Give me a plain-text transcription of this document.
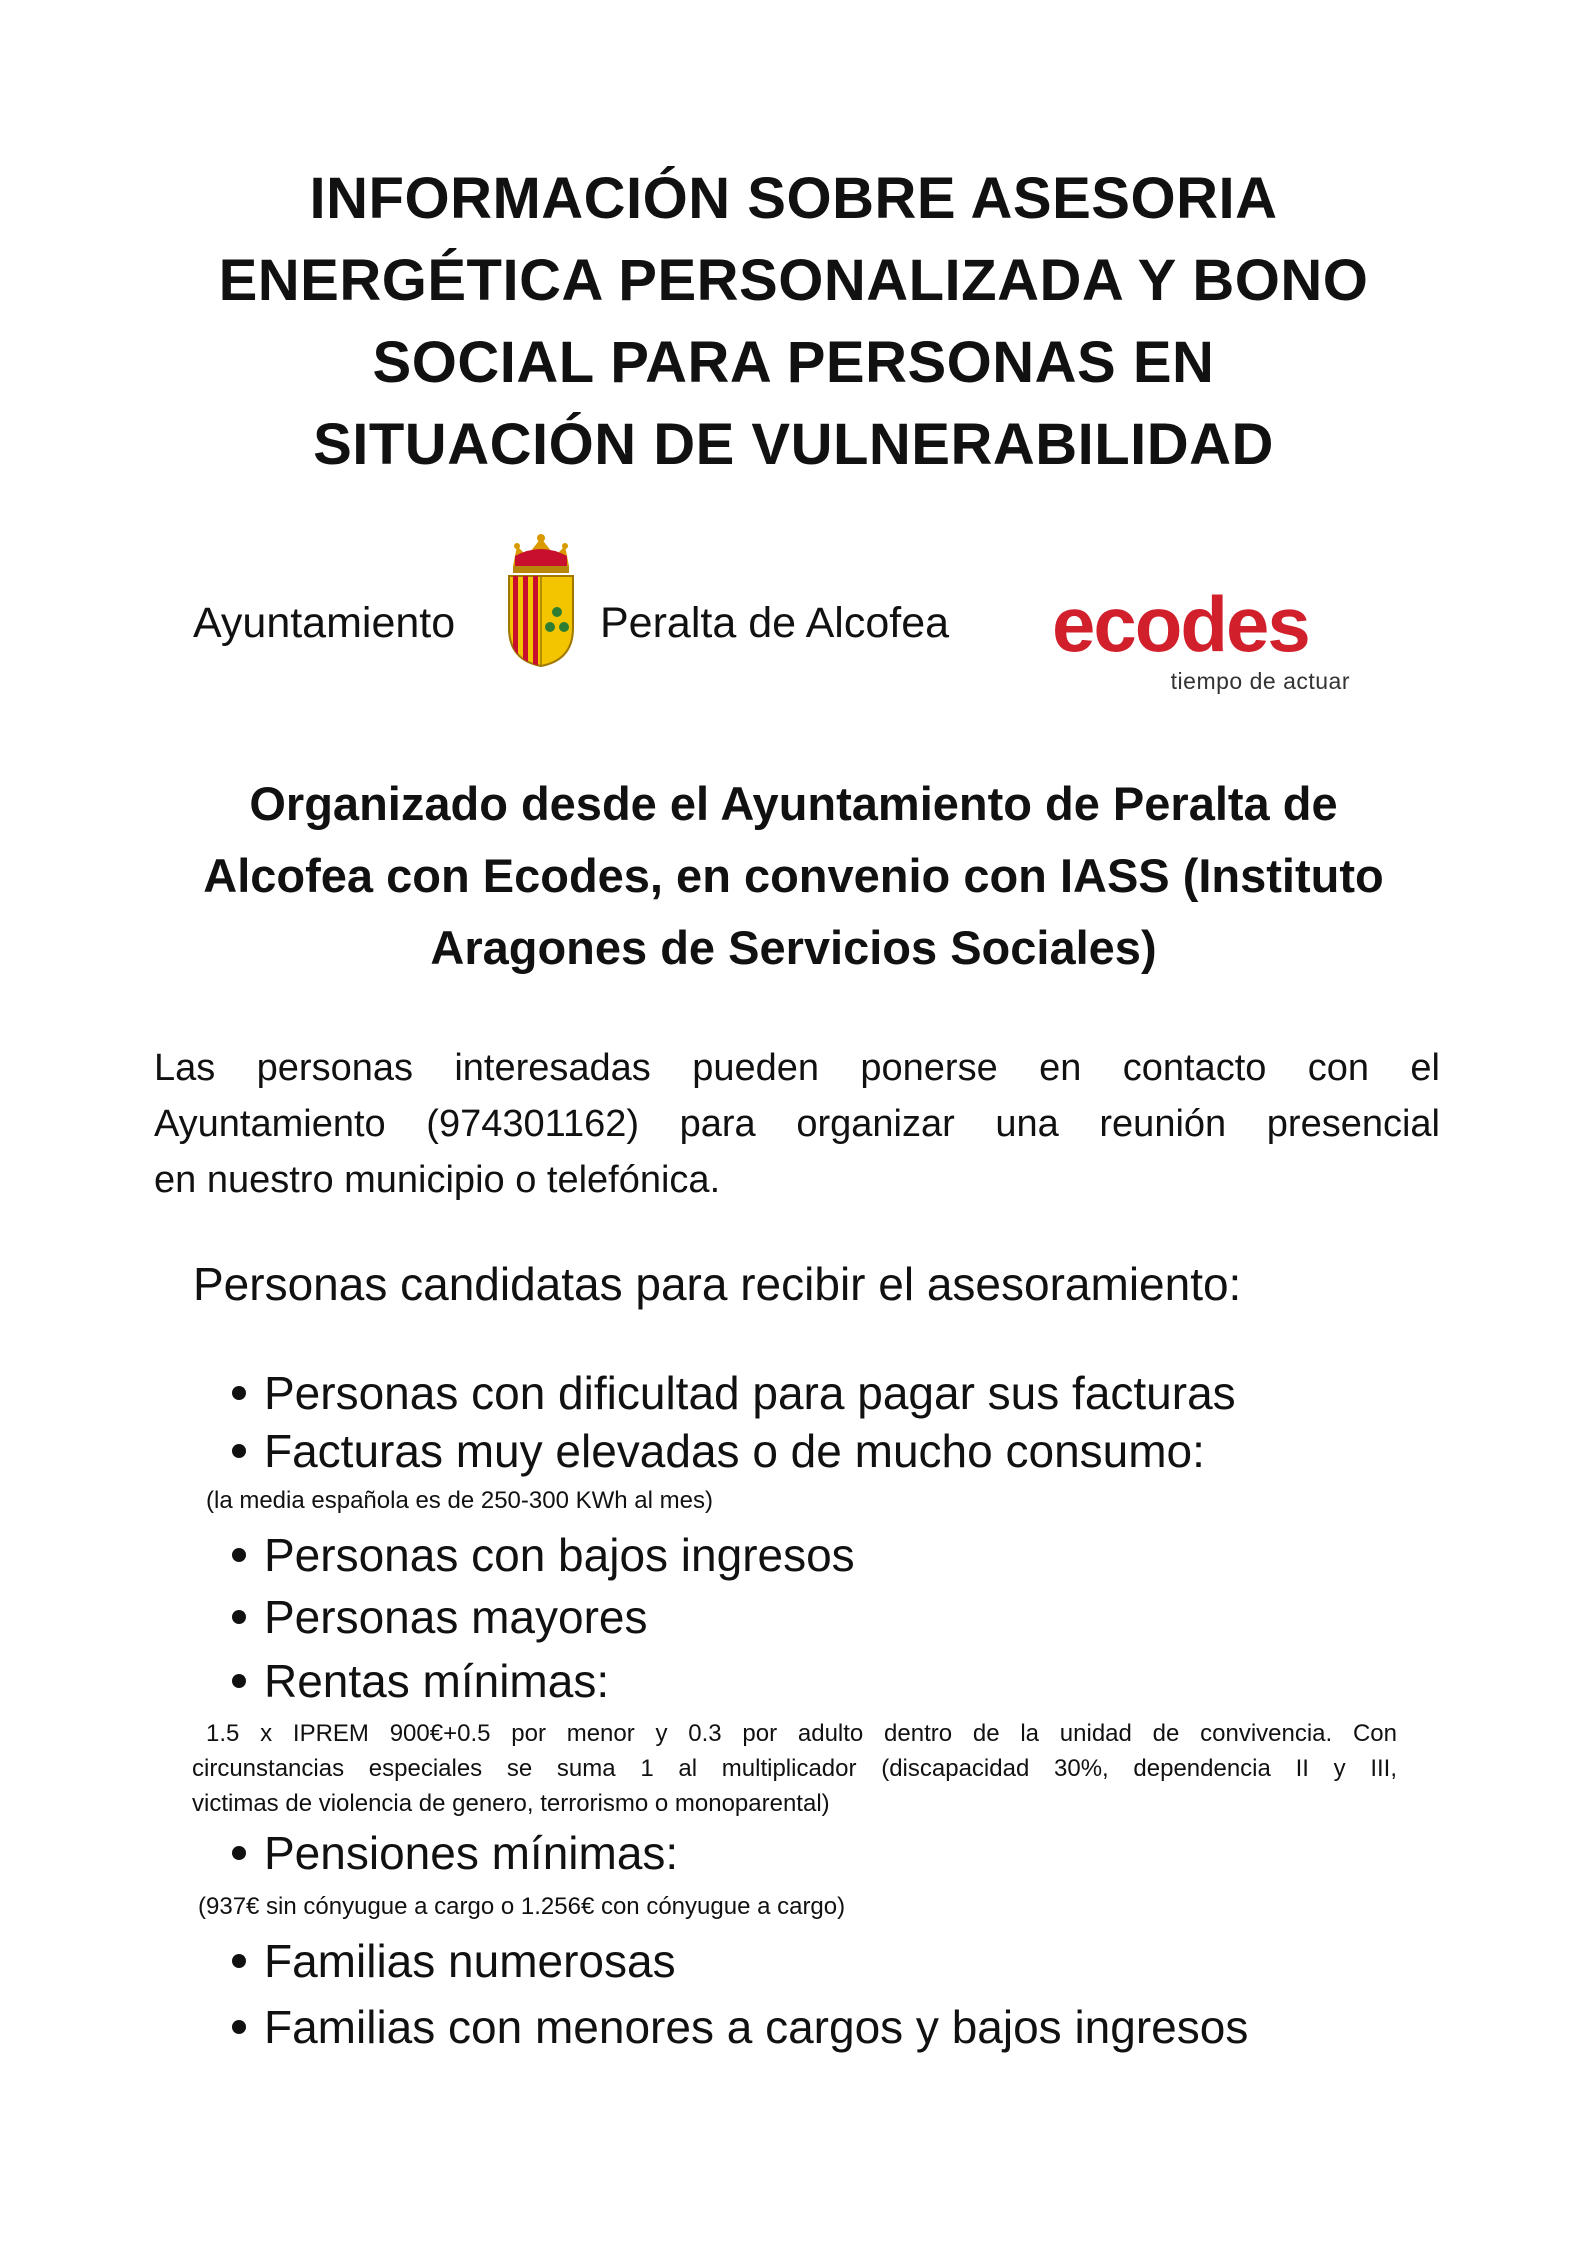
INFORMACIÓN SOBRE ASESORIA
ENERGÉTICA PERSONALIZADA Y BONO
SOCIAL PARA PERSONAS EN
SITUACIÓN DE VULNERABILIDAD
Ayuntamiento	Peralta de Alcofea ecodes
tiempo de actuar
Organizado desde el Ayuntamiento de Peralta de
Alcofea con Ecodes, en convenio con IASS (Instituto
Aragones de Servicios Sociales)
Las personas interesadas pueden ponerse en contacto con el
Ayuntamiento (974301162) para organizar una reunión presencial
en nuestro municipio o telefónica.
Personas candidatas para recibir el asesoramiento:
Personas con dificultad para pagar sus facturas
Facturas muy elevadas o de mucho consumo:
(la media española es de 250-300 KWh al mes)
Personas con bajos ingresos
Personas mayores
Rentas mínimas:
1.5 x IPREM 900€+0.5 por menor y 0.3 por adulto dentro de la unidad de convivencia. Con
circunstancias especiales se suma 1 al multiplicador (discapacidad 30%, dependencia II y III,
victimas de violencia de genero, terrorismo o monoparental)
Pensiones mínimas:
(937€ sin cónyugue a cargo o 1.256€ con cónyugue a cargo)
Familias numerosas
Familias con menores a cargos y bajos ingresos
